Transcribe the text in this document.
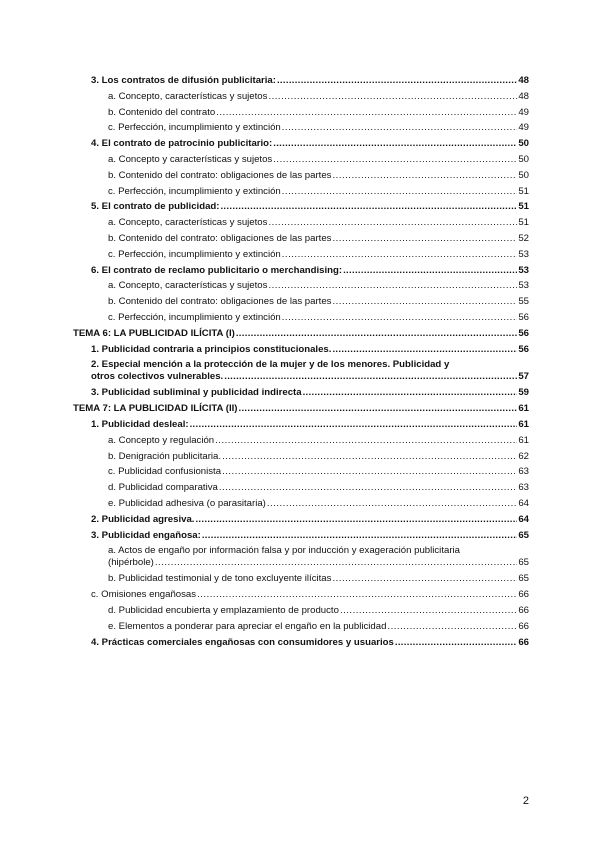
3. Los contratos de difusión publicitaria: .....	48
a. Concepto, características y sujetos .....	48
b. Contenido del contrato .....	49
c. Perfección, incumplimiento y extinción .....	49
4. El contrato de patrocinio publicitario: .....	50
a. Concepto y características y sujetos .....	50
b. Contenido del contrato: obligaciones de las partes .....	50
c. Perfección, incumplimiento y extinción .....	51
5. El contrato de publicidad: .....	51
a. Concepto, características y sujetos .....	51
b. Contenido del contrato: obligaciones de las partes .....	52
c. Perfección, incumplimiento y extinción .....	53
6. El contrato de reclamo publicitario o merchandising: .....	53
a. Concepto, características y sujetos .....	53
b. Contenido del contrato: obligaciones de las partes .....	55
c. Perfección, incumplimiento y extinción .....	56
TEMA 6: LA PUBLICIDAD ILÍCITA (I) .....	56
1. Publicidad contraria a principios constitucionales. .....	56
2. Especial mención a la protección de la mujer y de los menores. Publicidad y
otros colectivos vulnerables. .....	57
3. Publicidad subliminal y publicidad indirecta .....	59
TEMA 7: LA PUBLICIDAD ILÍCITA (II) .....	61
1. Publicidad desleal: .....	61
a. Concepto y regulación .....	61
b. Denigración publicitaria. .....	62
c. Publicidad confusionista .....	63
d. Publicidad comparativa .....	63
e. Publicidad adhesiva (o parasitaria) .....	64
2. Publicidad agresiva. .....	64
3. Publicidad engañosa: .....	65
a. Actos de engaño por información falsa y por inducción y exageración publicitaria
(hipérbole) .....	65
b. Publicidad testimonial y de tono excluyente ilícitas .....	65
c. Omisiones engañosas .....	66
d. Publicidad encubierta y emplazamiento de producto .....	66
e. Elementos a ponderar para apreciar el engaño en la publicidad .....	66
4. Prácticas comerciales engañosas con consumidores y usuarios .....	66
2
